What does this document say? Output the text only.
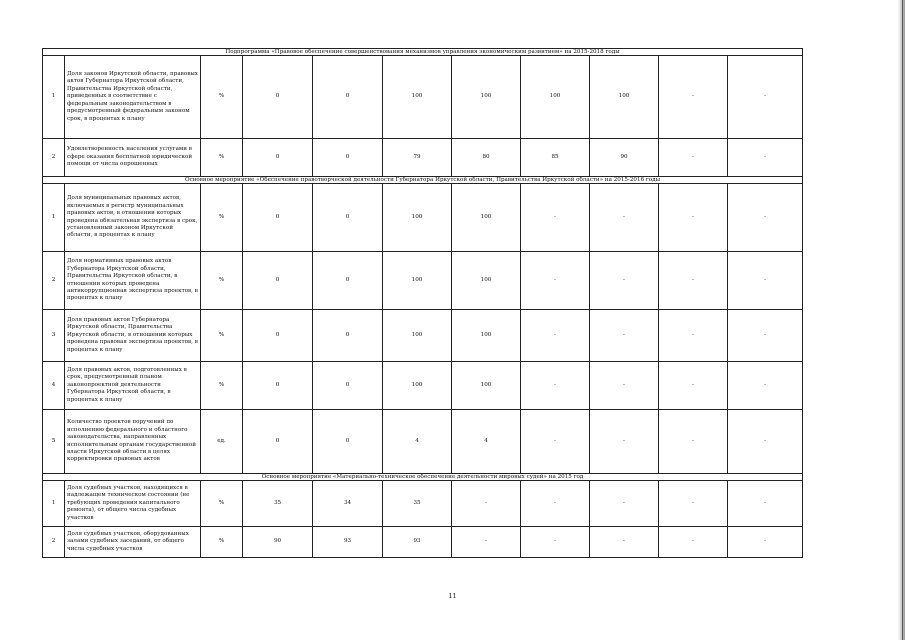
Подпрограмма «Правовое обеспечение совершенствования механизмов управления экономическим развитием» на 2015-2018 годы										
1	Доля законов Иркутской области, правовых актов Губернатора Иркутской области, Правительства Иркутской области, приведенных в соответствие с федеральным законодательством в предусмотренный федеральным законом срок, в процентах к плану	%	0	0	100	100	100	100	-	-
2	Удовлетворенность населения услугами в сфере оказания бесплатной юридической помощи от числа опрошенных	%	0	0	79	80	85	90	-	-
Основное мероприятие «Обеспечение правотворческой деятельности Губернатора Иркутской области, Правительства Иркутской области» на 2015-2016 годы										
1	Доля муниципальных правовых актов, включаемых в регистр муниципальных правовых актов, в отношении которых проведена обязательная экспертиза в срок, установленный законом Иркутской области, в процентах к плану	%	0	0	100	100	-	-	-	-
2	Доля нормативных правовых актов Губернатора Иркутской области, Правительства Иркутской области, в отношении которых проведена антикоррупционная экспертиза проектов, в процентах к плану	%	0	0	100	100	-	-	-	-
3	Доля правовых актов Губернатора Иркутской области, Правительства Иркутской области, в отношении которых проведена правовая экспертиза проектов, в процентах к плану	%	0	0	100	100	-	-	-	-
4	Доля правовых актов, подготовленных в срок, предусмотренный планом законопроектной деятельности Губернатора Иркутской области, в процентах к плану	%	0	0	100	100	-	-	-	-
5	Количество проектов поручений по исполнению федерального и областного законодательства, направленных исполнительным органам государственной власти Иркутской области в целях корректировки правовых актов	ед.	0	0	4	4	-	-	-	-
Основное мероприятие «Материально-техническое обеспечение деятельности мировых судей» на 2015 год										
1	Доля судебных участков, находящихся в надлежащем техническом состоянии (не требующих проведения капитального ремонта), от общего числа судебных участков	%	35	34	35	-	-	-	-	-
2	Доля судебных участков, оборудованных залами судебных заседаний, от общего числа судебных участков	%	90	93	93	-	-	-	-	-
11
